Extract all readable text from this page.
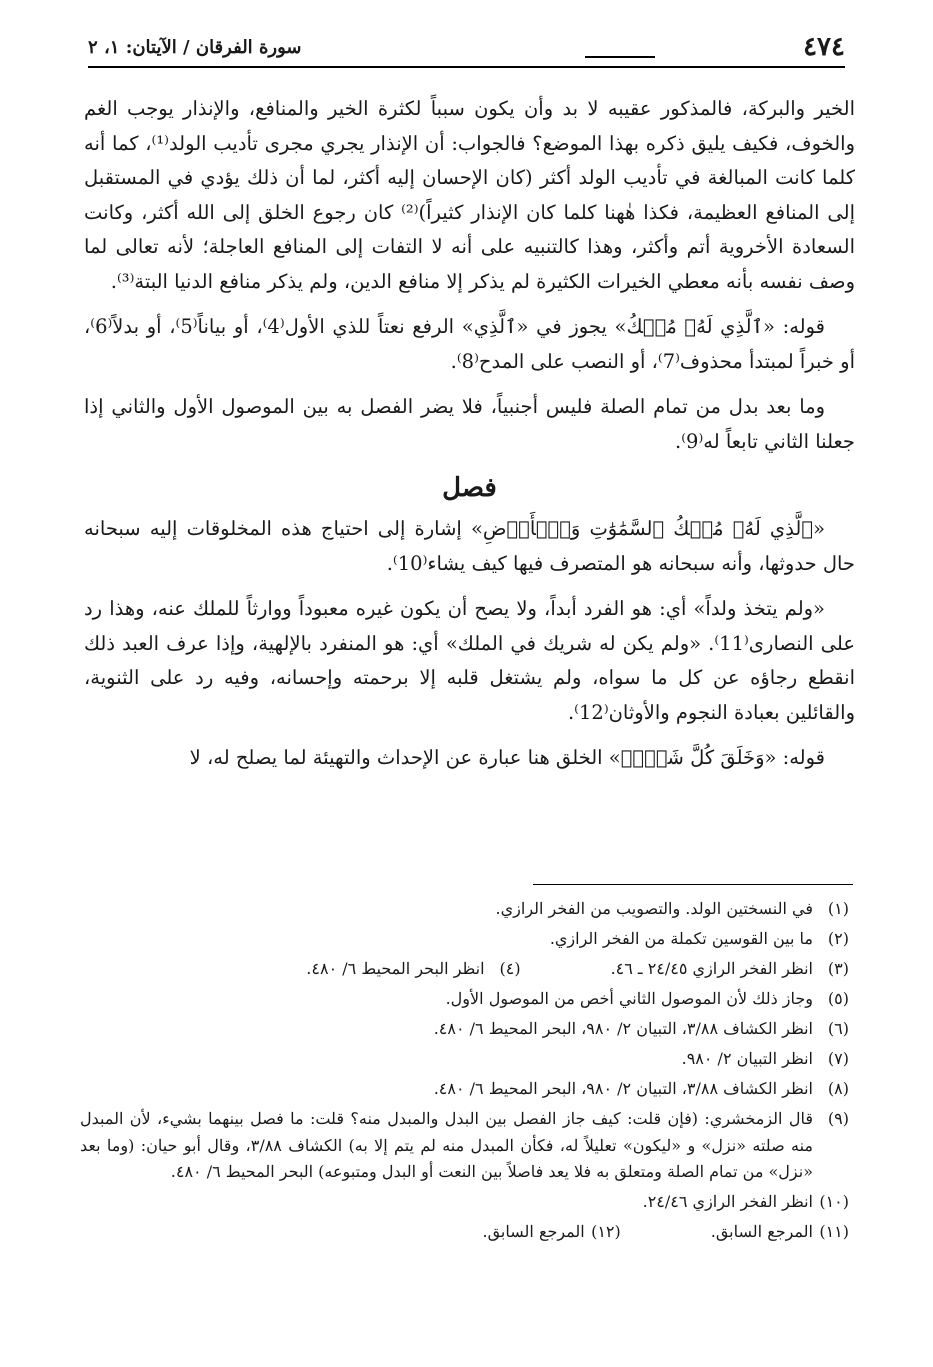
٤٧٤
سورة الفرقان / الآيتان: ١، ٢

الخير والبركة، فالمذكور عقيبه لا بد وأن يكون سبباً لكثرة الخير والمنافع، والإنذار يوجب الغم والخوف، فكيف يليق ذكره بهذا الموضع؟ فالجواب: أن الإنذار يجري مجرى تأديب الولد⁽¹⁾، كما أنه كلما كانت المبالغة في تأديب الولد أكثر (كان الإحسان إليه أكثر، لما أن ذلك يؤدي في المستقبل إلى المنافع العظيمة، فكذا هٰهنا كلما كان الإنذار كثيراً)⁽²⁾ كان رجوع الخلق إلى الله أكثر، وكانت السعادة الأخروية أتم وأكثر، وهذا كالتنبيه على أنه لا التفات إلى المنافع العاجلة؛ لأنه تعالى لما وصف نفسه بأنه معطي الخيرات الكثيرة لم يذكر إلا منافع الدين، ولم يذكر منافع الدنيا البتة⁽³⁾.

قوله: «ٱلَّذِي لَهُۥ مُلۡكُ» يجوز في «ٱلَّذِي» الرفع نعتاً للذي الأول⁽4⁾، أو بياناً⁽5⁾، أو بدلاً⁽6⁾، أو خبراً لمبتدأ محذوف⁽7⁾، أو النصب على المدح⁽8⁾.

وما بعد بدل من تمام الصلة فليس أجنبياً، فلا يضر الفصل به بين الموصول الأول والثاني إذا جعلنا الثاني تابعاً له⁽9⁾.

فصل

«ٱلَّذِي لَهُۥ مُلۡكُ ٱلسَّمَٰوَٰتِ وَٱلۡأَرۡضِ» إشارة إلى احتياج هذه المخلوقات إليه سبحانه حال حدوثها، وأنه سبحانه هو المتصرف فيها كيف يشاء⁽10⁾.

«ولم يتخذ ولداً» أي: هو الفرد أبداً، ولا يصح أن يكون غيره معبوداً ووارثاً للملك عنه، وهذا رد على النصارى⁽11⁾. «ولم يكن له شريك في الملك» أي: هو المنفرد بالإلهية، وإذا عرف العبد ذلك انقطع رجاؤه عن كل ما سواه، ولم يشتغل قلبه إلا برحمته وإحسانه، وفيه رد على الثنوية، والقائلين بعبادة النجوم والأوثان⁽12⁾.

قوله: «وَخَلَقَ كُلَّ شَيۡءٖ» الخلق هنا عبارة عن الإحداث والتهيئة لما يصلح له، لا

(١)
في النسختين الولد. والتصويب من الفخر الرازي.
(٢)
ما بين القوسين تكملة من الفخر الرازي.
(٣)
انظر الفخر الرازي ٢٤/٤٥ ـ ٤٦.
(٤)
انظر البحر المحيط ٦/ ٤٨٠.
(٥)
وجاز ذلك لأن الموصول الثاني أخص من الموصول الأول.
(٦)
انظر الكشاف ٣/٨٨، التبيان ٢/ ٩٨٠، البحر المحيط ٦/ ٤٨٠.
(٧)
انظر التبيان ٢/ ٩٨٠.
(٨)
انظر الكشاف ٣/٨٨، التبيان ٢/ ٩٨٠، البحر المحيط ٦/ ٤٨٠.
(٩)
قال الزمخشري: (فإن قلت: كيف جاز الفصل بين البدل والمبدل منه؟ قلت: ما فصل بينهما بشيء، لأن المبدل منه صلته «نزل» و «ليكون» تعليلاً له، فكأن المبدل منه لم يتم إلا به) الكشاف ٣/٨٨، وقال أبو حيان: (وما بعد «نزل» من تمام الصلة ومتعلق به فلا يعد فاصلاً بين النعت أو البدل ومتبوعه) البحر المحيط ٦/ ٤٨٠.
(١٠)
انظر الفخر الرازي ٢٤/٤٦.
(١١)
المرجع السابق.
(١٢)
المرجع السابق.
